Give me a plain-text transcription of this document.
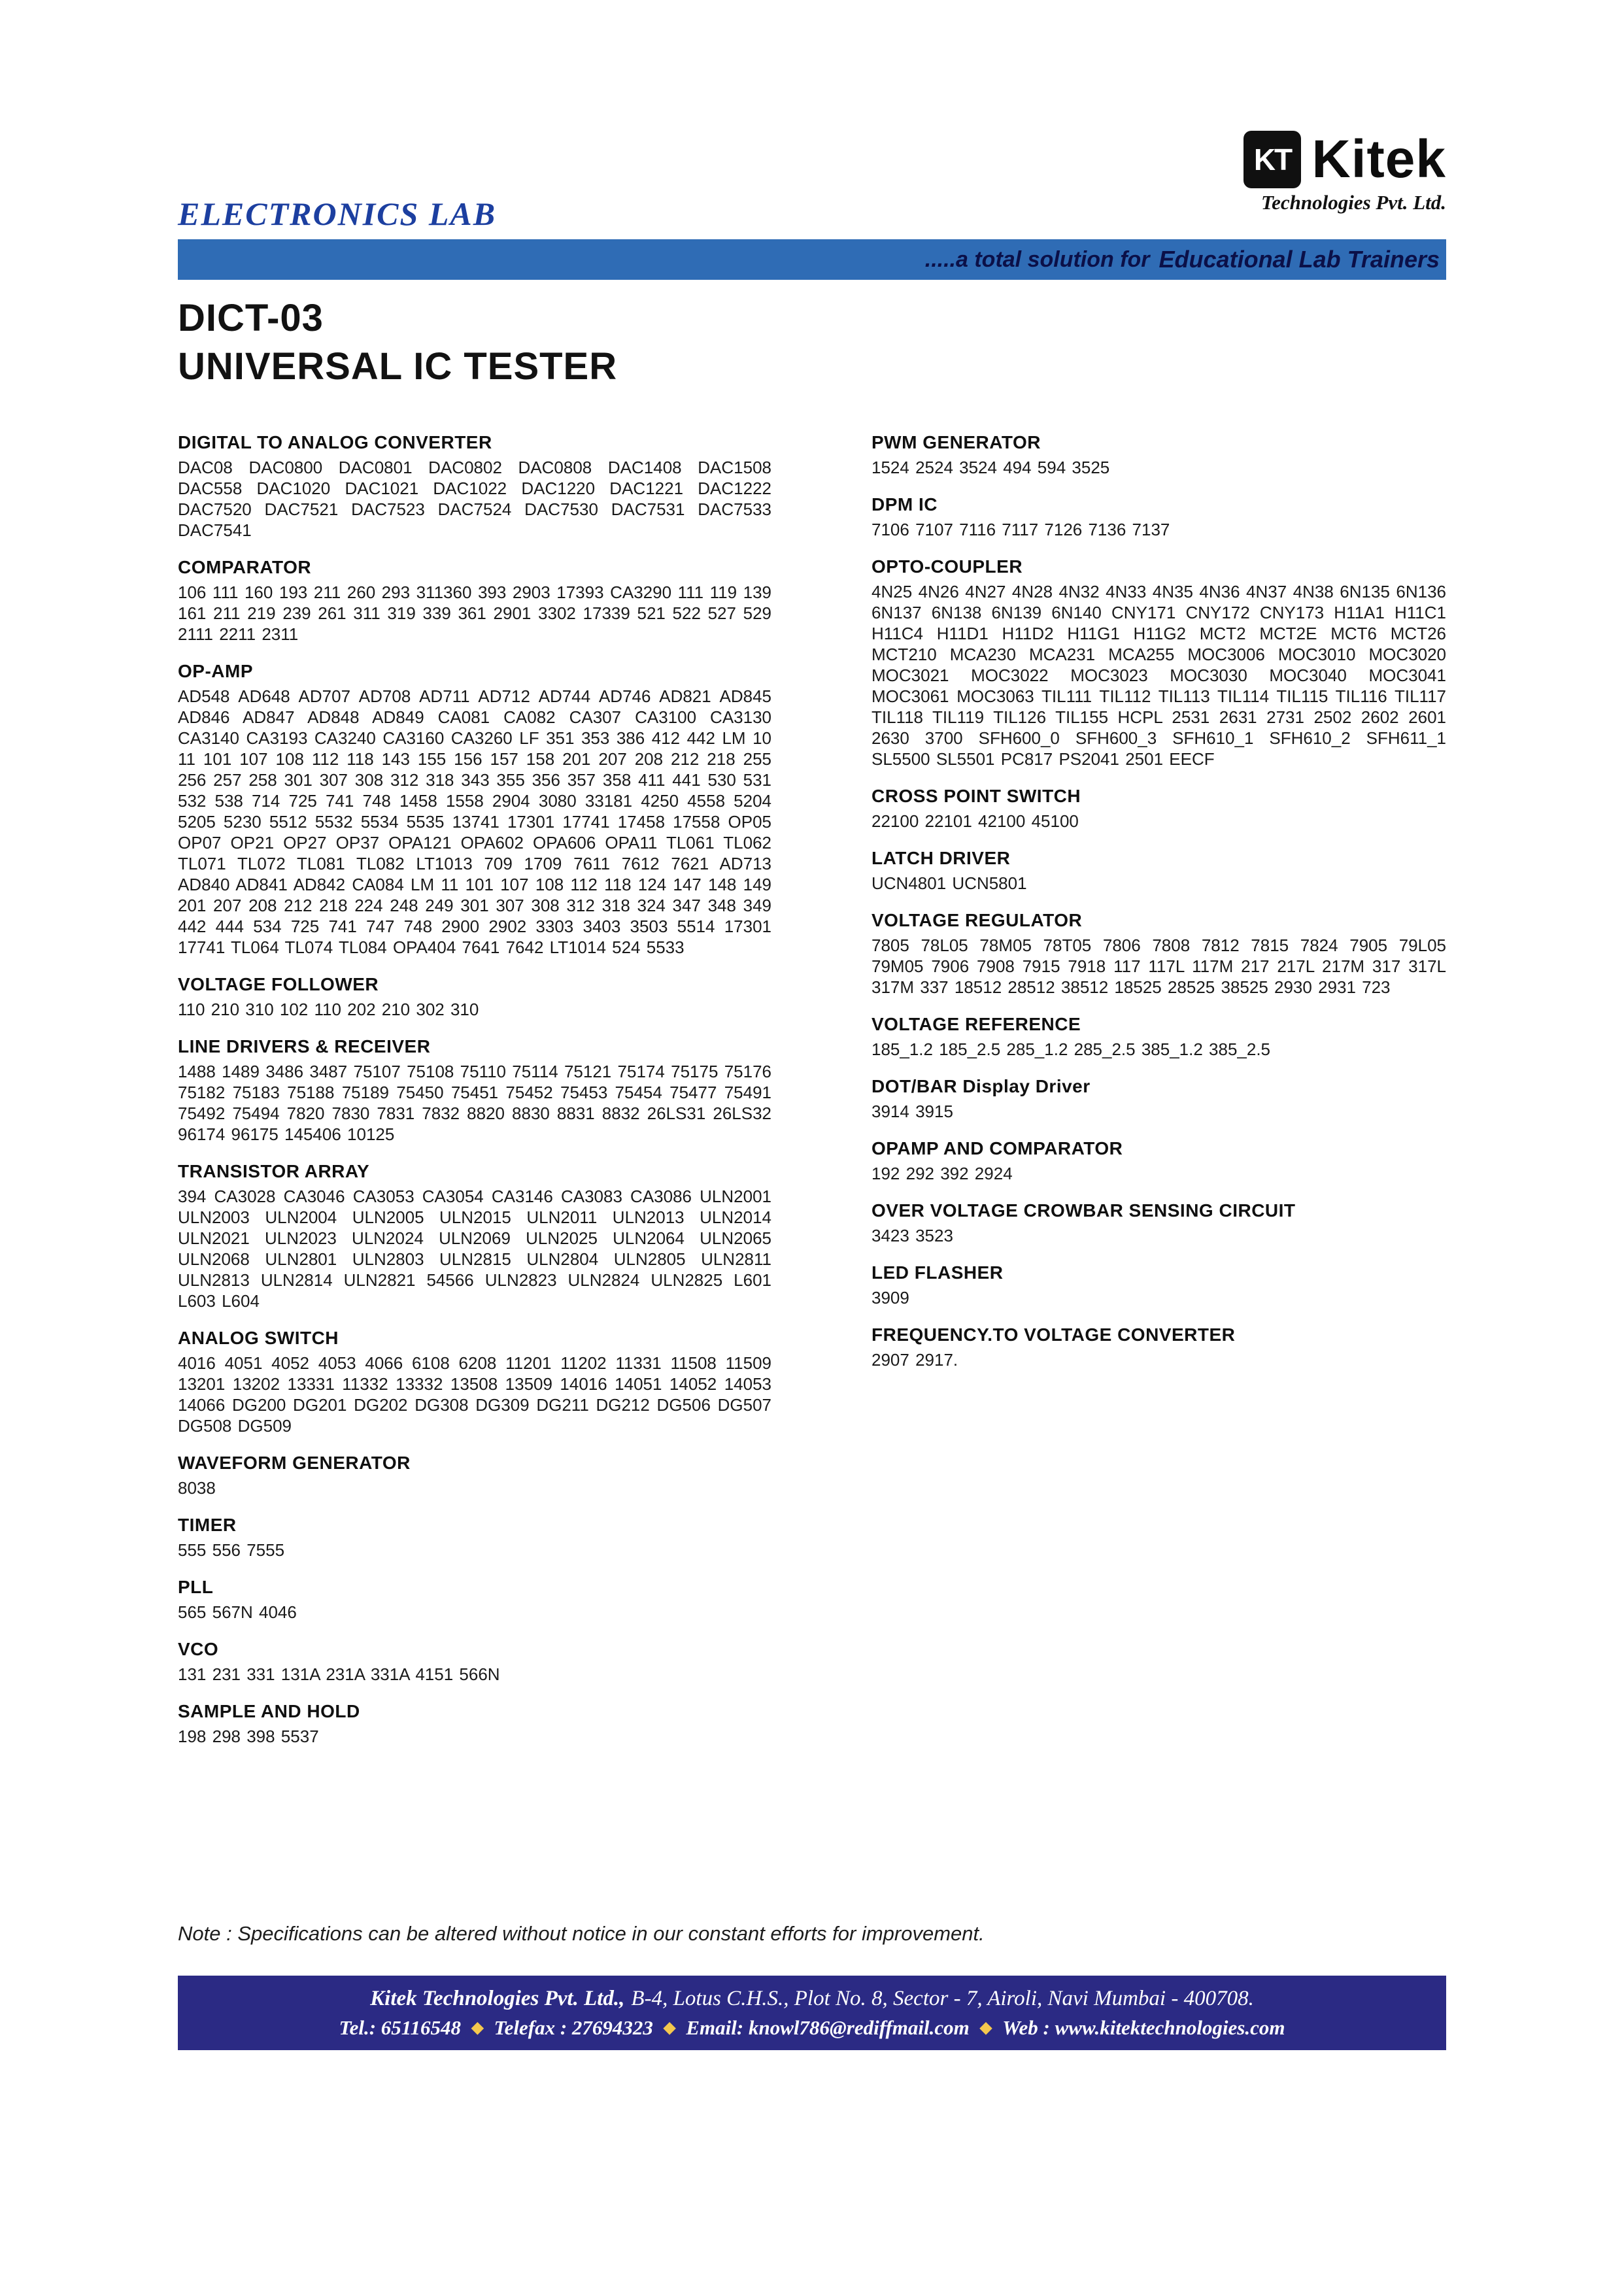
ELECTRONICS LAB
KT Kitek
Technologies Pvt. Ltd.
.....a total solution for Educational Lab Trainers
DICT-03
UNIVERSAL IC TESTER
DIGITAL TO ANALOG CONVERTER

DAC08 DAC0800 DAC0801 DAC0802 DAC0808 DAC1408 DAC1508 DAC558 DAC1020 DAC1021 DAC1022 DAC1220 DAC1221 DAC1222 DAC7520 DAC7521 DAC7523 DAC7524 DAC7530 DAC7531 DAC7533 DAC7541

COMPARATOR

106 111 160 193 211 260 293 311360 393 2903 17393 CA3290 111 119 139 161 211 219 239 261 311 319 339 361 2901 3302 17339 521 522 527 529 2111 2211 2311

OP-AMP

AD548 AD648 AD707 AD708 AD711 AD712 AD744 AD746 AD821 AD845 AD846 AD847 AD848 AD849 CA081 CA082 CA307 CA3100 CA3130 CA3140 CA3193 CA3240 CA3160 CA3260 LF 351 353 386 412 442 LM 10 11 101 107 108 112 118 143 155 156 157 158 201 207 208 212 218 255 256 257 258 301 307 308 312 318 343 355 356 357 358 411 441 530 531 532 538 714 725 741 748 1458 1558 2904 3080 33181 4250 4558 5204 5205 5230 5512 5532 5534 5535 13741 17301 17741 17458 17558 OP05 OP07 OP21 OP27 OP37 OPA121 OPA602 OPA606 OPA11 TL061 TL062 TL071 TL072 TL081 TL082 LT1013 709 1709 7611 7612 7621 AD713 AD840 AD841 AD842 CA084 LM 11 101 107 108 112 118 124 147 148 149 201 207 208 212 218 224 248 249 301 307 308 312 318 324 347 348 349 442 444 534 725 741 747 748 2900 2902 3303 3403 3503 5514 17301 17741 TL064 TL074 TL084 OPA404 7641 7642 LT1014 524 5533

VOLTAGE FOLLOWER

110 210 310 102 110 202 210 302 310

LINE DRIVERS & RECEIVER

1488 1489 3486 3487 75107 75108 75110 75114 75121 75174 75175 75176 75182 75183 75188 75189 75450 75451 75452 75453 75454 75477 75491 75492 75494 7820 7830 7831 7832 8820 8830 8831 8832 26LS31 26LS32 96174 96175 145406 10125

TRANSISTOR ARRAY

394 CA3028 CA3046 CA3053 CA3054 CA3146 CA3083 CA3086 ULN2001 ULN2003 ULN2004 ULN2005 ULN2015 ULN2011 ULN2013 ULN2014 ULN2021 ULN2023 ULN2024 ULN2069 ULN2025 ULN2064 ULN2065 ULN2068 ULN2801 ULN2803 ULN2815 ULN2804 ULN2805 ULN2811 ULN2813 ULN2814 ULN2821 54566 ULN2823 ULN2824 ULN2825 L601 L603 L604

ANALOG SWITCH

4016 4051 4052 4053 4066 6108 6208 11201 11202 11331 11508 11509 13201 13202 13331 11332 13332 13508 13509 14016 14051 14052 14053 14066 DG200 DG201 DG202 DG308 DG309 DG211 DG212 DG506 DG507 DG508 DG509

WAVEFORM GENERATOR

8038

TIMER

555 556 7555

PLL

565 567N 4046

VCO

131 231 331 131A 231A 331A 4151 566N

SAMPLE AND HOLD

198 298 398 5537

PWM GENERATOR

1524 2524 3524 494 594 3525

DPM IC

7106 7107 7116 7117 7126 7136 7137

OPTO-COUPLER

4N25 4N26 4N27 4N28 4N32 4N33 4N35 4N36 4N37 4N38 6N135 6N136 6N137 6N138 6N139 6N140 CNY171 CNY172 CNY173 H11A1 H11C1 H11C4 H11D1 H11D2 H11G1 H11G2 MCT2 MCT2E MCT6 MCT26 MCT210 MCA230 MCA231 MCA255 MOC3006 MOC3010 MOC3020 MOC3021 MOC3022 MOC3023 MOC3030 MOC3040 MOC3041 MOC3061 MOC3063 TIL111 TIL112 TIL113 TIL114 TIL115 TIL116 TIL117 TIL118 TIL119 TIL126 TIL155 HCPL 2531 2631 2731 2502 2602 2601 2630 3700 SFH600_0 SFH600_3 SFH610_1 SFH610_2 SFH611_1 SL5500 SL5501 PC817 PS2041 2501 EECF

CROSS POINT SWITCH

22100 22101 42100 45100

LATCH DRIVER

UCN4801 UCN5801

VOLTAGE REGULATOR

7805 78L05 78M05 78T05 7806 7808 7812 7815 7824 7905 79L05 79M05 7906 7908 7915 7918 117 117L 117M 217 217L 217M 317 317L 317M 337 18512 28512 38512 18525 28525 38525 2930 2931 723

VOLTAGE REFERENCE

185_1.2 185_2.5 285_1.2 285_2.5 385_1.2 385_2.5

DOT/BAR Display Driver

3914 3915

OPAMP AND COMPARATOR

192 292 392 2924

OVER VOLTAGE CROWBAR SENSING CIRCUIT

3423 3523

LED FLASHER

3909

FREQUENCY.TO VOLTAGE CONVERTER

2907 2917.

Note : Specifications can be altered without notice in our constant efforts for improvement.
Kitek Technologies Pvt. Ltd., B-4, Lotus C.H.S., Plot No. 8, Sector - 7, Airoli, Navi Mumbai - 400708.
Tel.: 65116548 ◆ Telefax : 27694323 ◆ Email: knowl786@rediffmail.com ◆ Web : www.kitektechnologies.com
